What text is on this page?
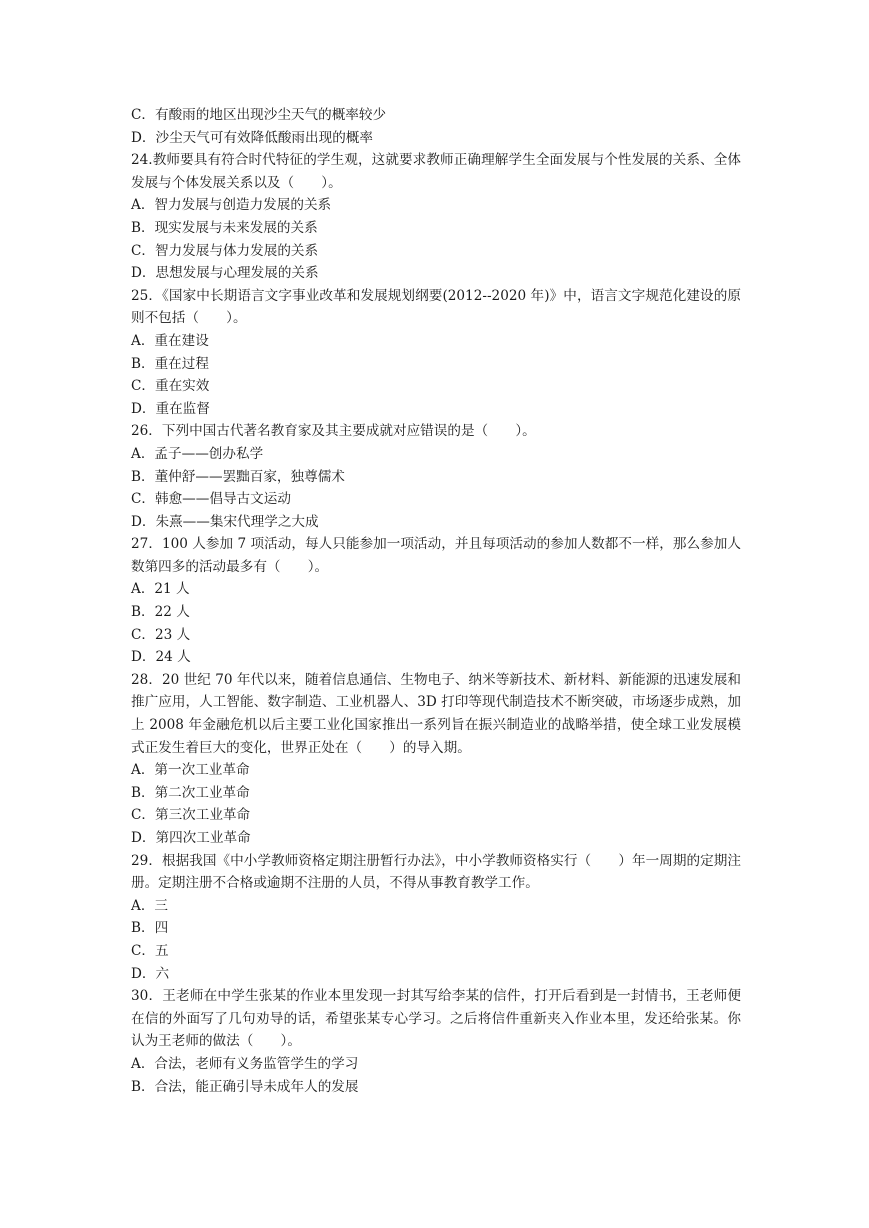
C．有酸雨的地区出现沙尘天气的概率较少
D．沙尘天气可有效降低酸雨出现的概率
24.教师要具有符合时代特征的学生观，这就要求教师正确理解学生全面发展与个性发展的关系、全体发展与个体发展关系以及（　　）。
A．智力发展与创造力发展的关系
B．现实发展与未来发展的关系
C．智力发展与体力发展的关系
D．思想发展与心理发展的关系
25．《国家中长期语言文字事业改革和发展规划纲要(2012--2020 年)》中，语言文字规范化建设的原则不包括（　　）。
A．重在建设
B．重在过程
C．重在实效
D．重在监督
26．下列中国古代著名教育家及其主要成就对应错误的是（　　）。
A．孟子——创办私学
B．董仲舒——罢黜百家，独尊儒术
C．韩愈——倡导古文运动
D．朱熹——集宋代理学之大成
27．100 人参加 7 项活动，每人只能参加一项活动，并且每项活动的参加人数都不一样，那么参加人数第四多的活动最多有（　　）。
A．21 人
B．22 人
C．23 人
D．24 人
28．20 世纪 70 年代以来，随着信息通信、生物电子、纳米等新技术、新材料、新能源的迅速发展和推广应用，人工智能、数字制造、工业机器人、3D 打印等现代制造技术不断突破，市场逐步成熟，加上 2008 年金融危机以后主要工业化国家推出一系列旨在振兴制造业的战略举措，使全球工业发展模式正发生着巨大的变化，世界正处在（　　）的导入期。
A．第一次工业革命
B．第二次工业革命
C．第三次工业革命
D．第四次工业革命
29．根据我国《中小学教师资格定期注册暂行办法》，中小学教师资格实行（　　）年一周期的定期注册。定期注册不合格或逾期不注册的人员，不得从事教育教学工作。
A．三
B．四
C．五
D．六
30．王老师在中学生张某的作业本里发现一封其写给李某的信件，打开后看到是一封情书，王老师便在信的外面写了几句劝导的话，希望张某专心学习。之后将信件重新夹入作业本里，发还给张某。你认为王老师的做法（　　）。
A．合法，老师有义务监管学生的学习
B．合法，能正确引导未成年人的发展
